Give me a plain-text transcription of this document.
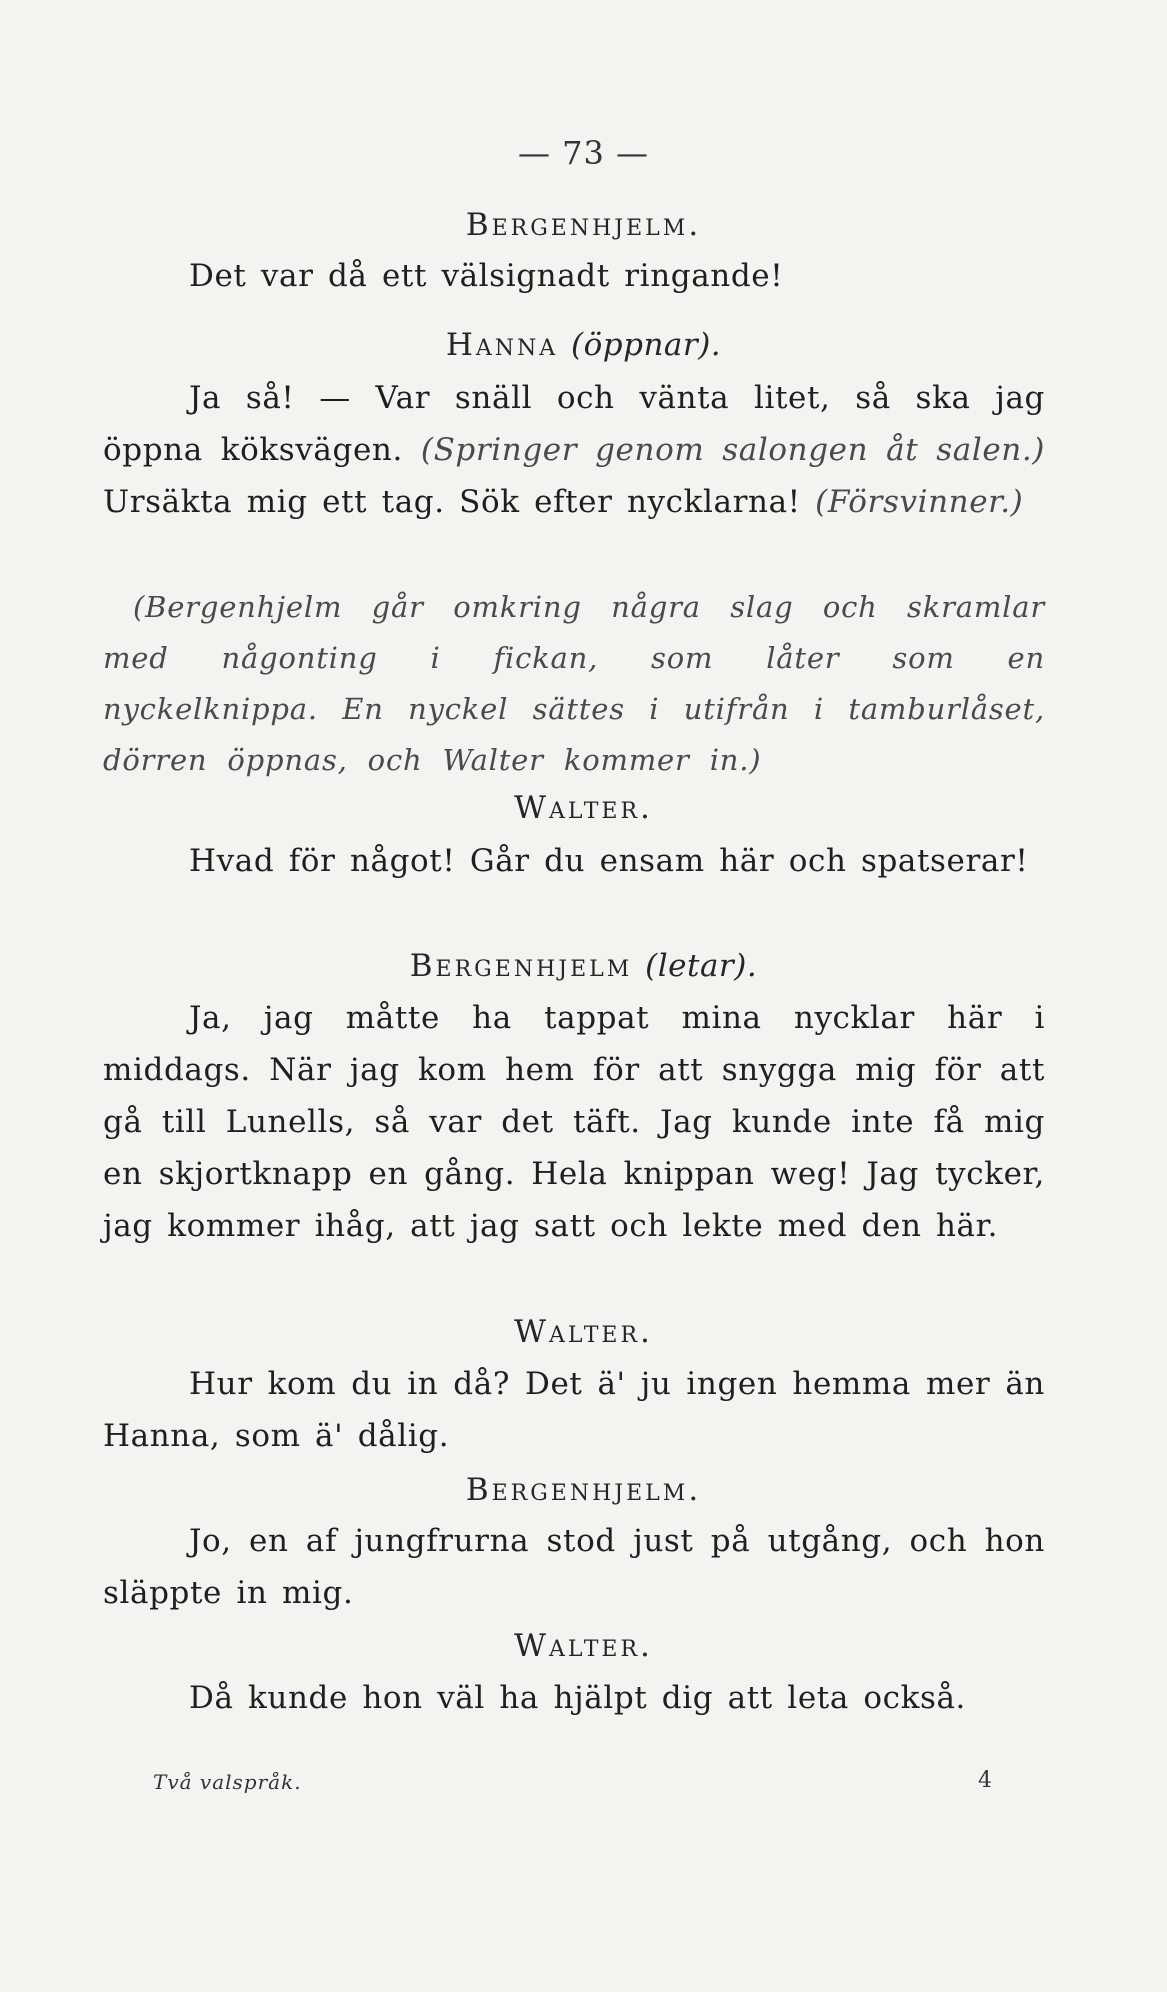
— 73 —
Bergenhjelm.
Det var då ett välsignadt ringande!
Hanna (öppnar).
Ja så! — Var snäll och vänta litet, så ska jag öppna köksvägen. (Springer genom salongen åt salen.) Ursäkta mig ett tag. Sök efter nycklarna! (Försvinner.)
(Bergenhjelm går omkring några slag och skramlar med någonting i fickan, som låter som en nyckelknippa. En nyckel sättes i utifrån i tamburlåset, dörren öppnas, och Walter kommer in.)
Walter.
Hvad för något! Går du ensam här och spatserar!
Bergenhjelm (letar).
Ja, jag måtte ha tappat mina nycklar här i middags. När jag kom hem för att snygga mig för att gå till Lunells, så var det täft. Jag kunde inte få mig en skjortknapp en gång. Hela knippan weg! Jag tycker, jag kommer ihåg, att jag satt och lekte med den här.
Walter.
Hur kom du in då? Det ä' ju ingen hemma mer än Hanna, som ä' dålig.
Bergenhjelm.
Jo, en af jungfrurna stod just på utgång, och hon släppte in mig.
Walter.
Då kunde hon väl ha hjälpt dig att leta också.
Två valspråk.	4
